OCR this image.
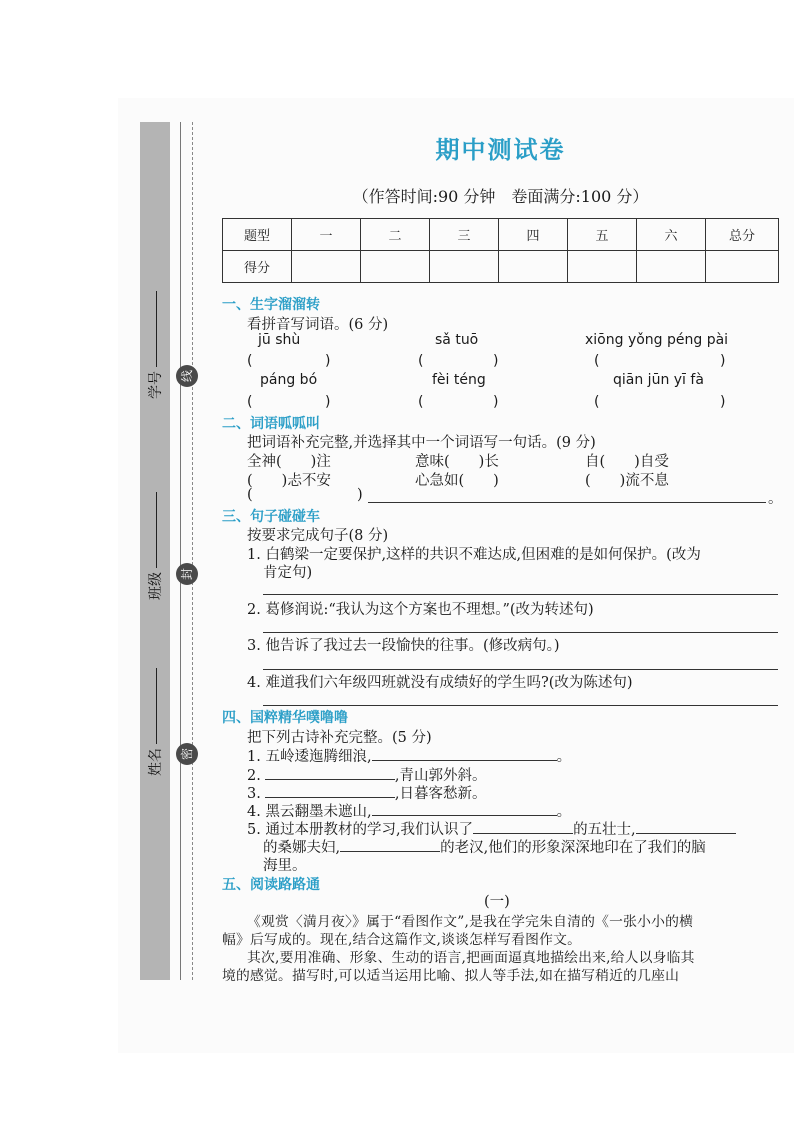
学号
班级
姓名
线
封
密
期中测试卷
（作答时间:90 分钟　卷面满分:100 分）
题型	一	二	三	四	五	六	总分
得分							
一、生字溜溜转
看拼音写词语。(6 分)
jū shù	sǎ tuō	xiōng yǒng péng pài
(	)	(	)	(	)
páng bó	fèi téng	qiān jūn yī fà
(	)	(	)	(	)
二、词语呱呱叫
把词语补充完整,并选择其中一个词语写一句话。(9 分)
全神(　　)注	意味(　　)长	自(　　)自受
(　　)忐不安	心急如(　　)	(　　)流不息
(	)	。
三、句子碰碰车
按要求完成句子(8 分)
1. 白鹤梁一定要保护,这样的共识不难达成,但困难的是如何保护。(改为
肯定句)
2. 葛修润说:“我认为这个方案也不理想。”(改为转述句)
3. 他告诉了我过去一段愉快的往事。(修改病句。)
4. 难道我们六年级四班就没有成绩好的学生吗?(改为陈述句)
四、国粹精华噗噜噜
把下列古诗补充完整。(5 分)
1. 五岭逶迤腾细浪,	。
2.	,青山郭外斜。
3.	,日暮客愁新。
4. 黑云翻墨未遮山,	。
5. 通过本册教材的学习,我们认识了	的五壮士,
的桑娜夫妇,	的老汉,他们的形象深深地印在了我们的脑
海里。
五、阅读路路通
(一)
《观赏〈満月夜〉》属于“看图作文”,是我在学完朱自清的《一张小小的横
幅》后写成的。现在,结合这篇作文,谈谈怎样写看图作文。
其次,要用准确、形象、生动的语言,把画面逼真地描绘出来,给人以身临其
境的感觉。描写时,可以适当运用比喻、拟人等手法,如在描写稍近的几座山
